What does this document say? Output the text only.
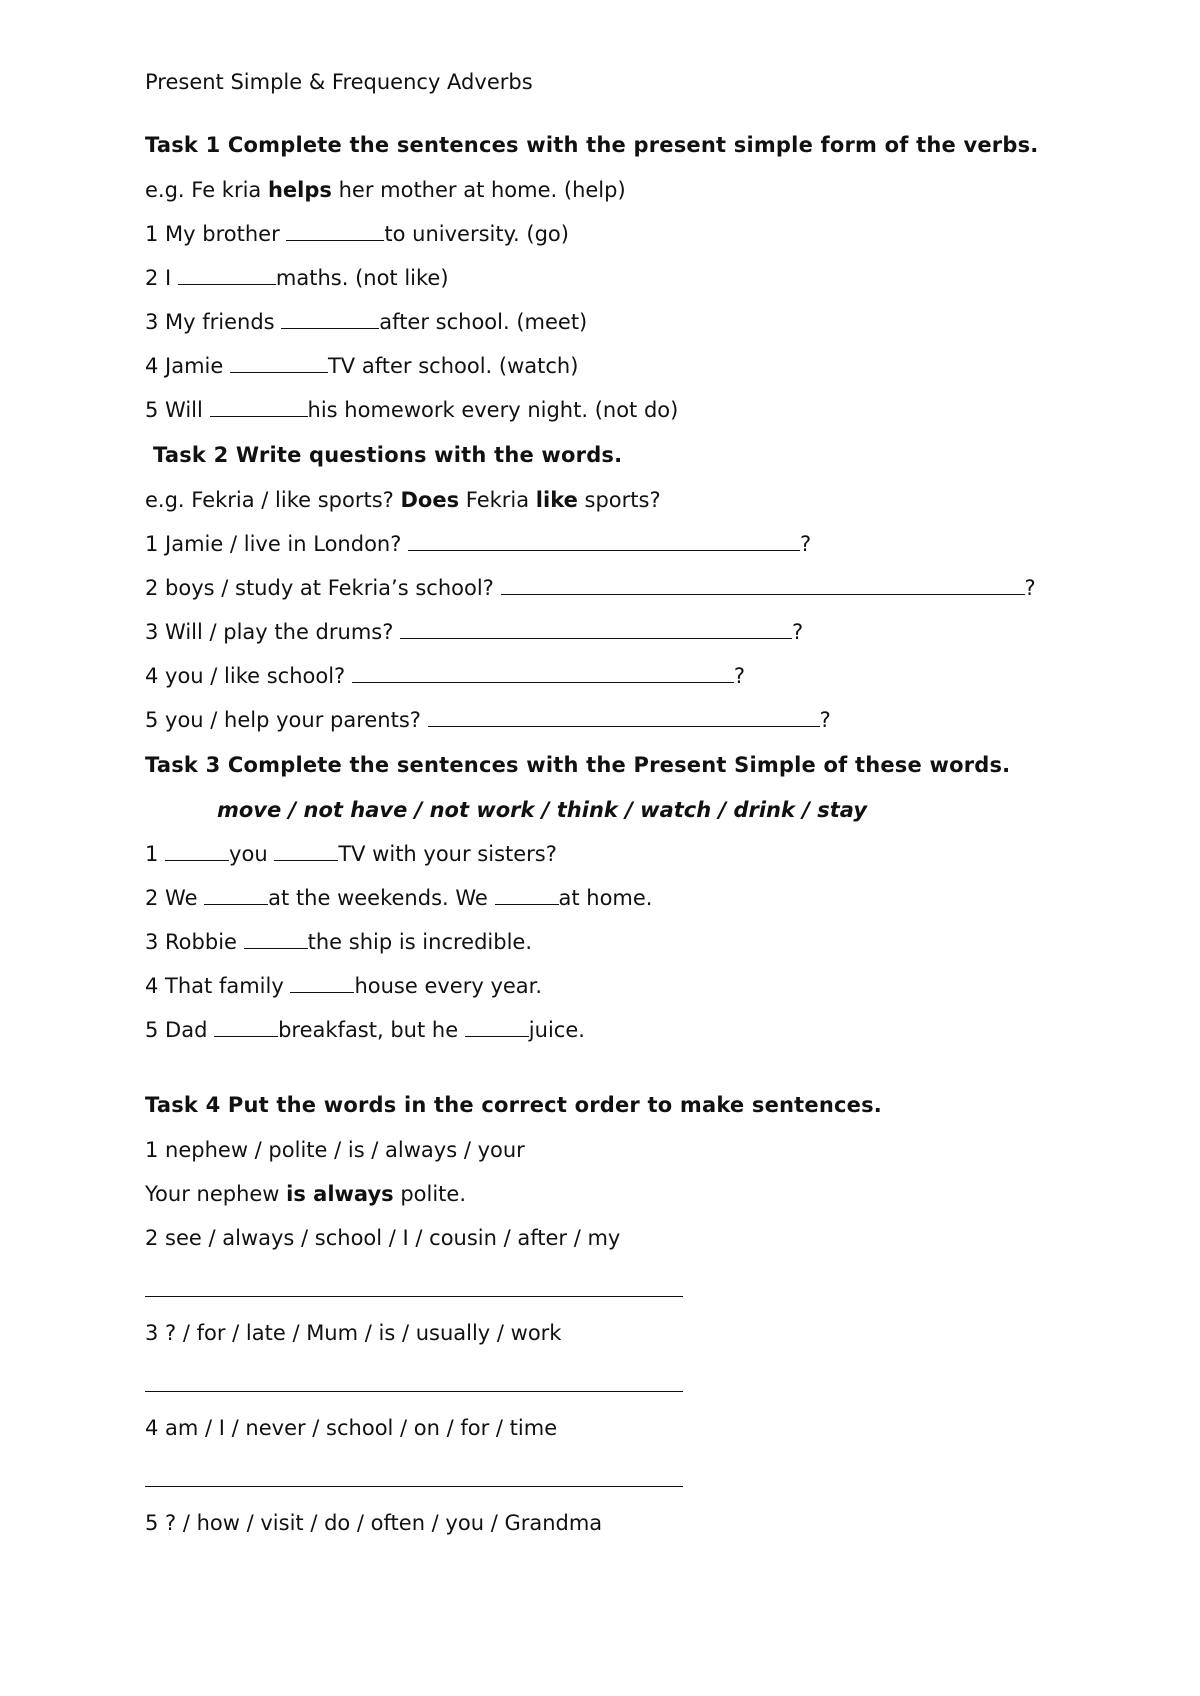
Present Simple & Frequency Adverbs
Task 1 Complete the sentences with the present simple form of the verbs.
e.g. Fe kria helps her mother at home. (help)
1 My brother	to university. (go)
2 I	maths. (not like)
3 My friends	after school. (meet)
4 Jamie	TV after school. (watch)
5 Will	his homework every night. (not do)
Task 2 Write questions with the words.
e.g. Fekria / like sports? Does Fekria like sports?
1 Jamie / live in London?	?
2 boys / study at Fekria’s school?	?
3 Will / play the drums?	?
4 you / like school?	?
5 you / help your parents?	?
Task 3 Complete the sentences with the Present Simple of these words.
move / not have / not work / think / watch / drink / stay
1	you	TV with your sisters?
2 We	at the weekends. We	at home.
3 Robbie	the ship is incredible.
4 That family	house every year.
5 Dad	breakfast, but he	juice.
Task 4 Put the words in the correct order to make sentences.
1 nephew / polite / is / always / your
Your nephew is always polite.
2 see / always / school / I / cousin / after / my
3 ? / for / late / Mum / is / usually / work
4 am / I / never / school / on / for / time
5 ? / how / visit / do / often / you / Grandma
